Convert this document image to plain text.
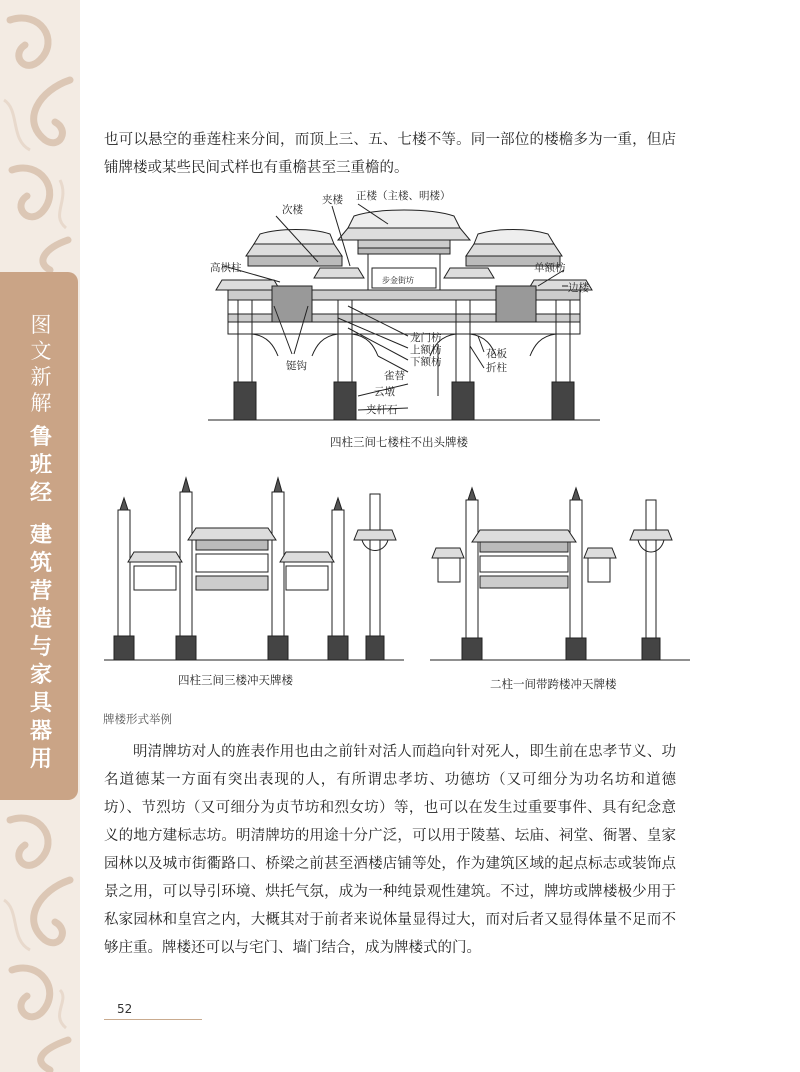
图文新解
鲁班经
建筑营造与家具器用
也可以悬空的垂莲柱来分间，而顶上三、五、七楼不等。同一部位的楼檐多为一重，但店铺牌楼或某些民间式样也有重檐甚至三重檐的。
次楼
夹楼 正楼（主楼、明楼）
高栱柱	单额枋
边楼
龙门枋
上额枋
下额枋
雀替
云墩
花板
折柱
铤钩
夹杆石
步金街坊
四柱三间七楼柱不出头牌楼
四柱三间三楼冲天牌楼	二柱一间带跨楼冲天牌楼
牌楼形式举例
明清牌坊对人的旌表作用也由之前针对活人而趋向针对死人，即生前在忠孝节义、功名道德某一方面有突出表现的人，有所谓忠孝坊、功德坊（又可细分为功名坊和道德坊）、节烈坊（又可细分为贞节坊和烈女坊）等，也可以在发生过重要事件、具有纪念意义的地方建标志坊。明清牌坊的用途十分广泛，可以用于陵墓、坛庙、祠堂、衙署、皇家园林以及城市街衢路口、桥梁之前甚至酒楼店铺等处，作为建筑区域的起点标志或装饰点景之用，可以导引环境、烘托气氛，成为一种纯景观性建筑。不过，牌坊或牌楼极少用于私家园林和皇宫之内，大概其对于前者来说体量显得过大，而对后者又显得体量不足而不够庄重。牌楼还可以与宅门、墙门结合，成为牌楼式的门。
52
